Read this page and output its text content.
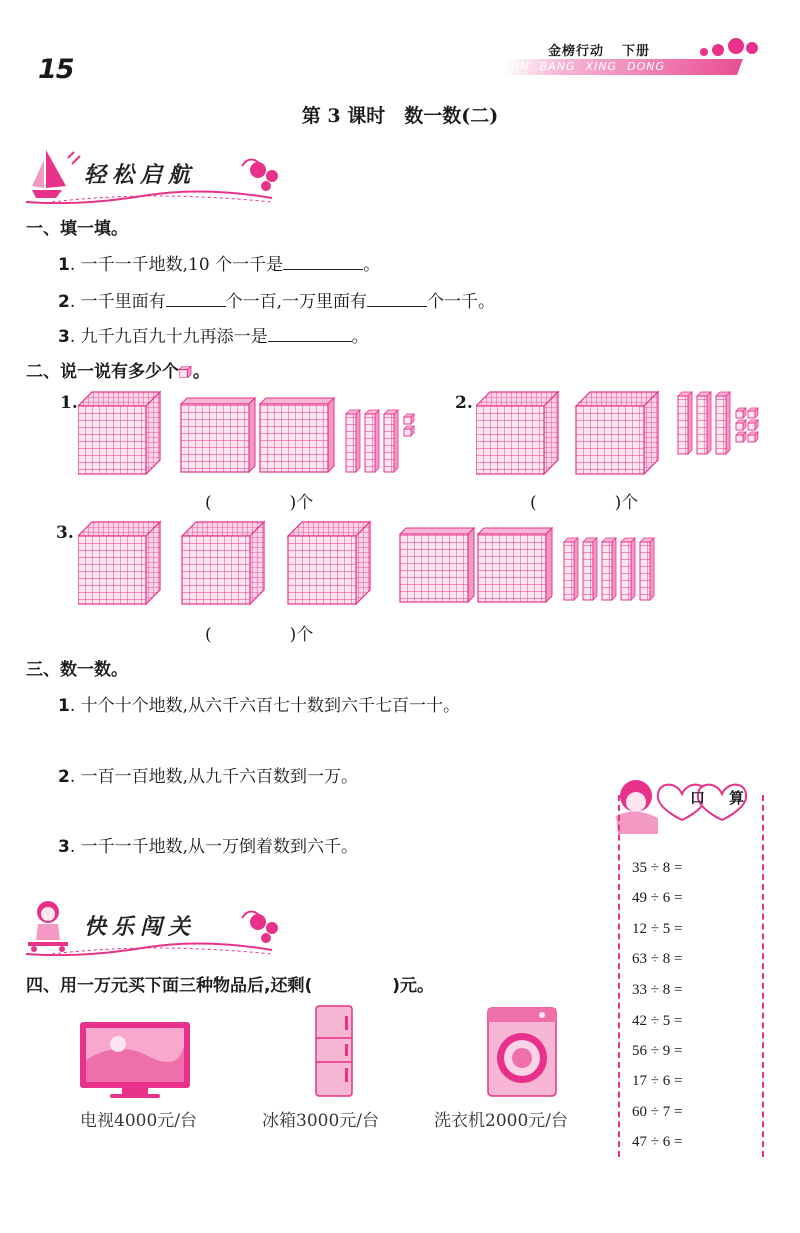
15
金榜行动 下册
JIN BANG XING DONG
第 3 课时　数一数(二)
轻松启航
一、填一填。
1. 一千一千地数,10 个一千是	。
2. 一千里面有	个一百,一万里面有	个一千。
3. 九千九百九十九再添一是	。
二、说一说有多少个 。
1.
(	)个
2.
(	)个
3.
(	)个
三、数一数。
1. 十个十个地数,从六千六百七十数到六千七百一十。
2. 一百一百地数,从九千六百数到一万。
3. 一千一千地数,从一万倒着数到六千。
快乐闯关
四、用一万元买下面三种物品后,还剩(	)元。
电视4000元/台	冰箱3000元/台	洗衣机2000元/台
口 算
35 ÷ 8 =
49 ÷ 6 =
12 ÷ 5 =
63 ÷ 8 =
33 ÷ 8 =
42 ÷ 5 =
56 ÷ 9 =
17 ÷ 6 =
60 ÷ 7 =
47 ÷ 6 =
